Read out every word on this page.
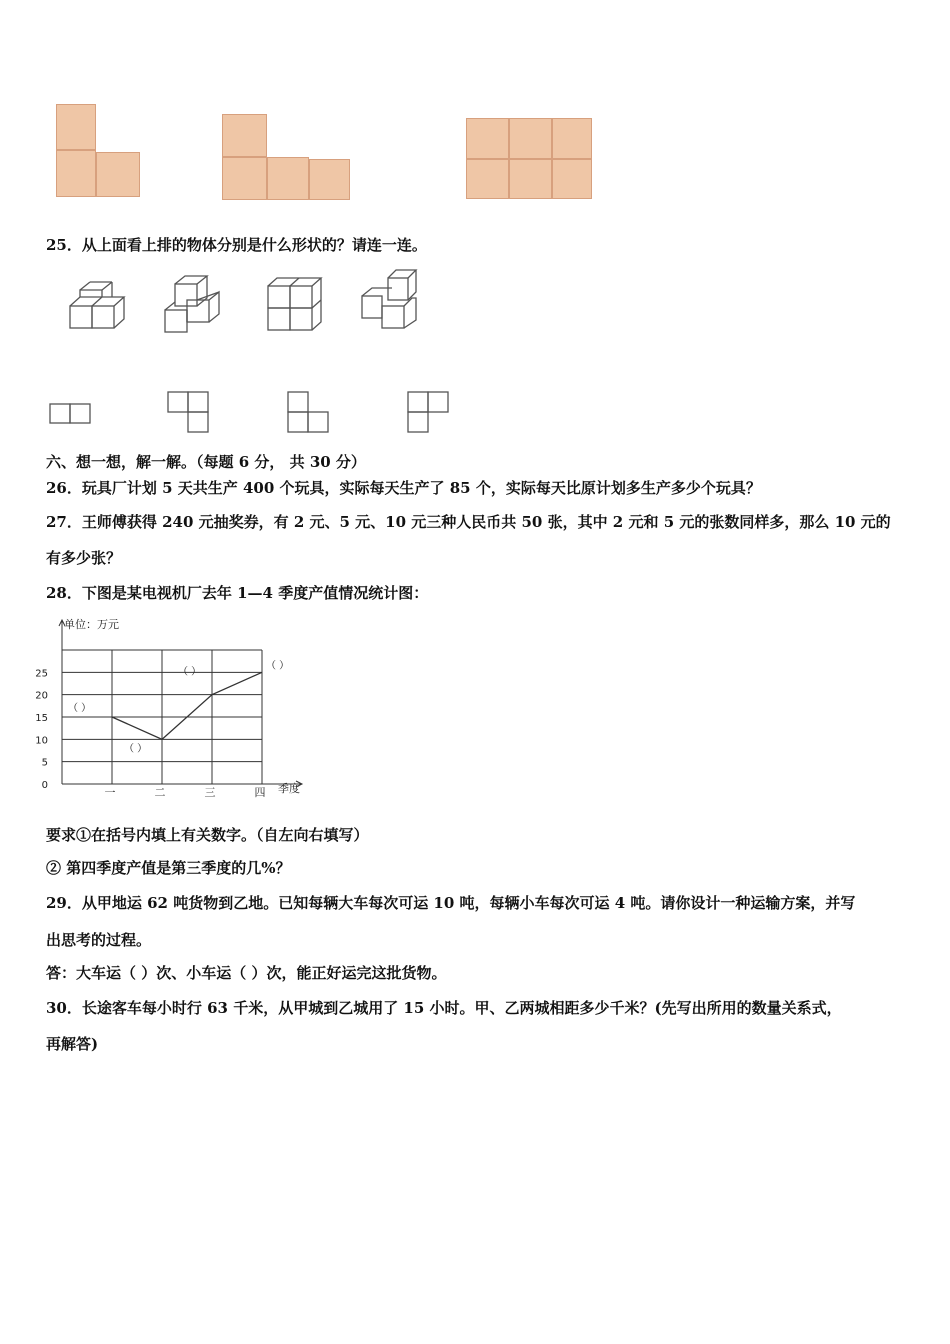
25．从上面看上排的物体分别是什么形状的？请连一连。
六、想一想，解一解。（每题 6 分， 共 30 分）
26．玩具厂计划 5 天共生产 400 个玩具，实际每天生产了 85 个，实际每天比原计划多生产多少个玩具？
27．王师傅获得 240 元抽奖券，有 2 元、5 元、10 元三种人民币共 50 张，其中 2 元和 5 元的张数同样多，那么 10 元的
有多少张？
28．下图是某电视机厂去年 1—4 季度产值情况统计图：
单位：万元
季度
0
5
10
15
20
25
一	二	三	四
（ ）
（ ）
（ ）
（ ）
要求①在括号内填上有关数字。（自左向右填写）
② 第四季度产值是第三季度的几%？
29．从甲地运 62 吨货物到乙地。已知每辆大车每次可运 10 吨，每辆小车每次可运 4 吨。请你设计一种运输方案，并写
出思考的过程。
答：大车运（ ）次、小车运（ ）次，能正好运完这批货物。
30．长途客车每小时行 63 千米，从甲城到乙城用了 15 小时。甲、乙两城相距多少千米？(先写出所用的数量关系式，
再解答)
